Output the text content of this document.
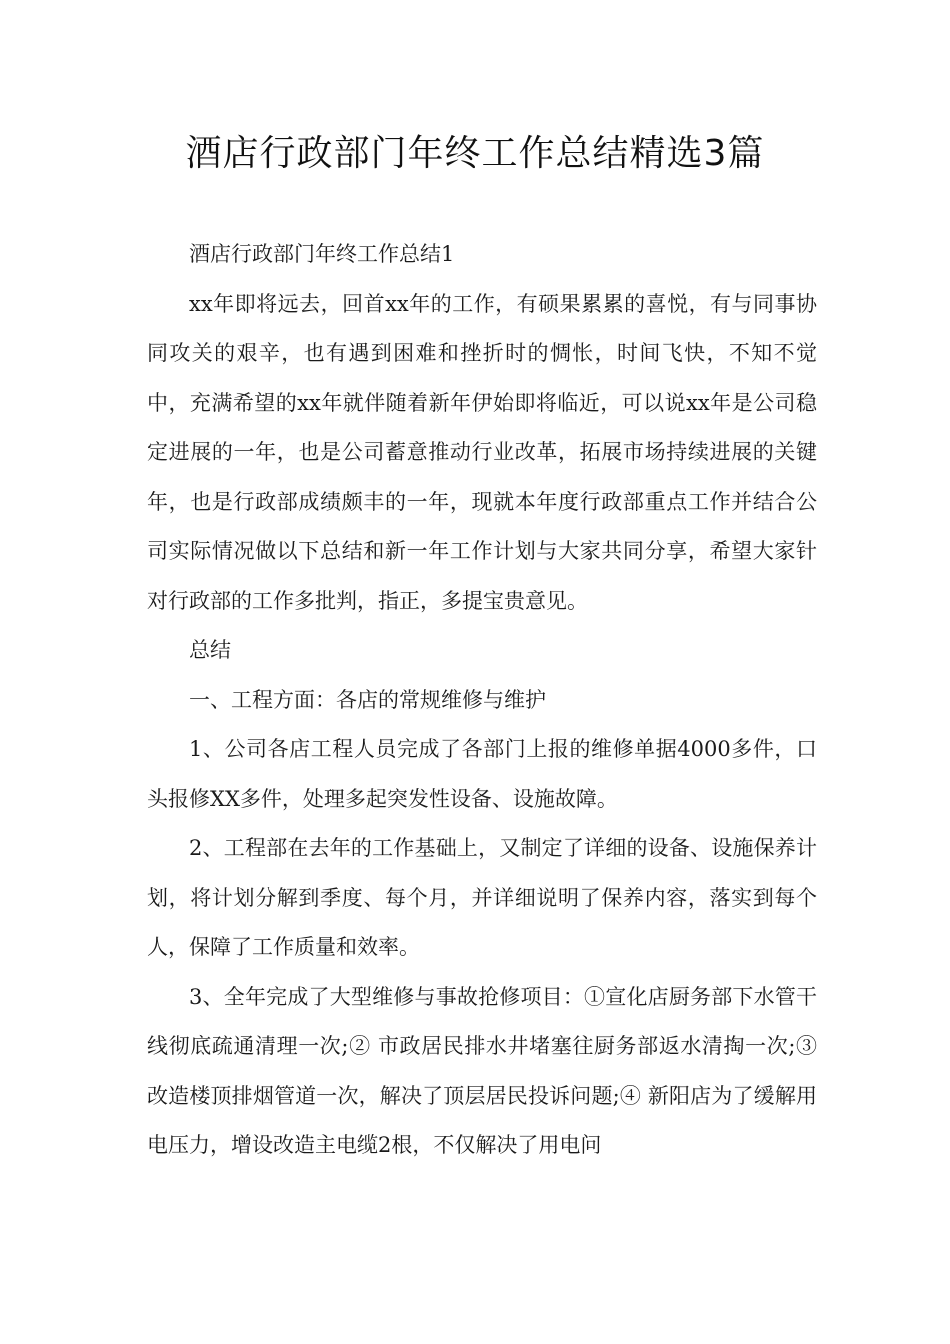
酒店行政部门年终工作总结精选3篇

酒店行政部门年终工作总结1

xx年即将远去，回首xx年的工作，有硕果累累的喜悦，有与同事协同攻关的艰辛，也有遇到困难和挫折时的惆怅，时间飞快，不知不觉中，充满希望的xx年就伴随着新年伊始即将临近，可以说xx年是公司稳定进展的一年，也是公司蓄意推动行业改革，拓展市场持续进展的关键年，也是行政部成绩颇丰的一年，现就本年度行政部重点工作并结合公司实际情况做以下总结和新一年工作计划与大家共同分享，希望大家针对行政部的工作多批判，指正，多提宝贵意见。

总结

一、工程方面：各店的常规维修与维护

1、公司各店工程人员完成了各部门上报的维修单据4000多件，口头报修XX多件，处理多起突发性设备、设施故障。

2、工程部在去年的工作基础上，又制定了详细的设备、设施保养计划，将计划分解到季度、每个月，并详细说明了保养内容，落实到每个人，保障了工作质量和效率。

3、全年完成了大型维修与事故抢修项目：①宣化店厨务部下水管干线彻底疏通清理一次;② 市政居民排水井堵塞往厨务部返水清掏一次;③ 改造楼顶排烟管道一次，解决了顶层居民投诉问题;④ 新阳店为了缓解用电压力，增设改造主电缆2根，不仅解决了用电问
